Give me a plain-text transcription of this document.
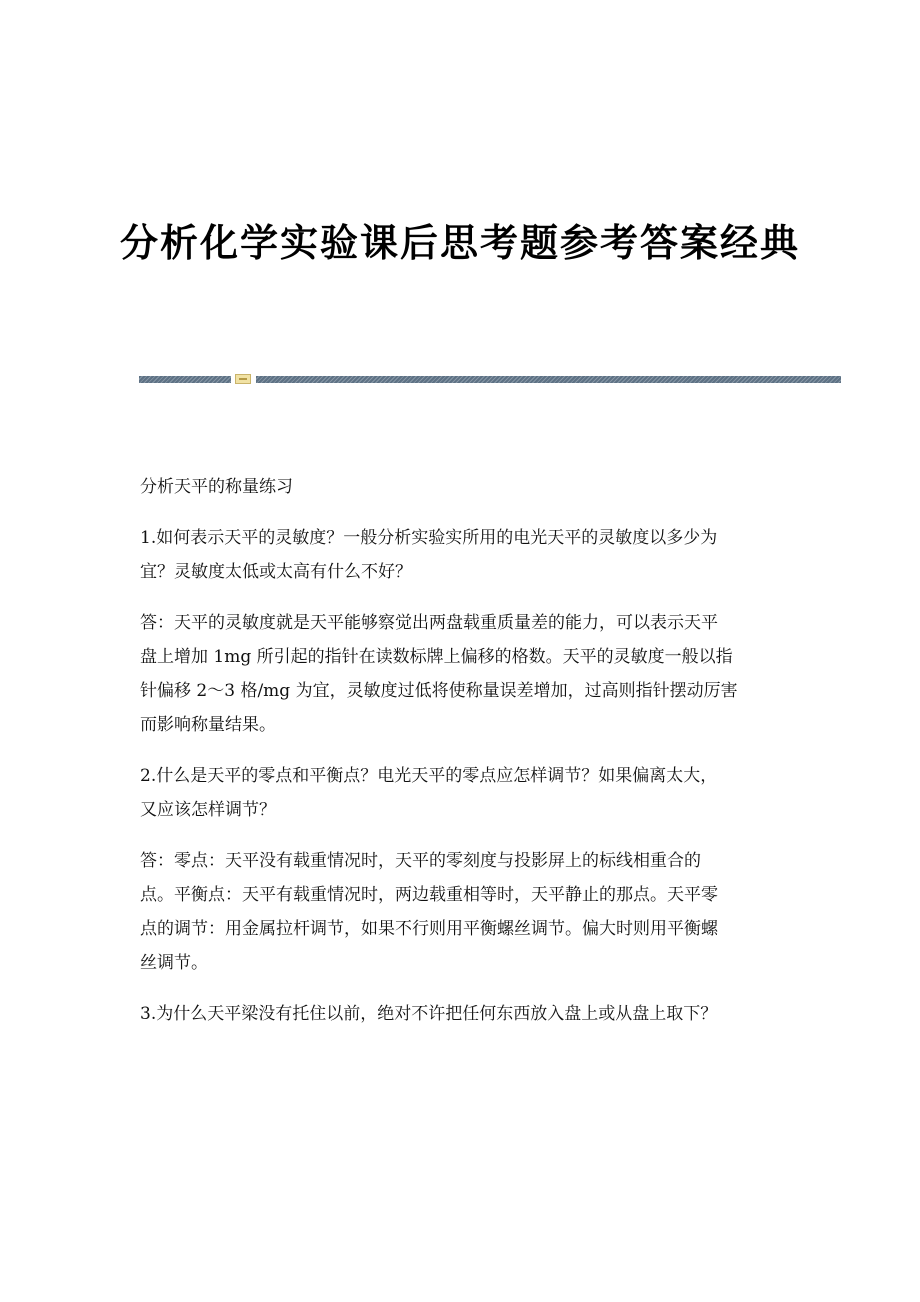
分析化学实验课后思考题参考答案经典

分析天平的称量练习

1.如何表示天平的灵敏度？一般分析实验实所用的电光天平的灵敏度以多少为
宜？灵敏度太低或太高有什么不好？

答：天平的灵敏度就是天平能够察觉出两盘载重质量差的能力，可以表示天平
盘上增加 1mg 所引起的指针在读数标牌上偏移的格数。天平的灵敏度一般以指
针偏移 2～3 格/mg 为宜，灵敏度过低将使称量误差增加，过高则指针摆动厉害
而影响称量结果。

2.什么是天平的零点和平衡点？电光天平的零点应怎样调节？如果偏离太大，
又应该怎样调节？

答：零点：天平没有载重情况时，天平的零刻度与投影屏上的标线相重合的
点。平衡点：天平有载重情况时，两边载重相等时，天平静止的那点。天平零
点的调节：用金属拉杆调节，如果不行则用平衡螺丝调节。偏大时则用平衡螺
丝调节。

3.为什么天平梁没有托住以前，绝对不许把任何东西放入盘上或从盘上取下？
